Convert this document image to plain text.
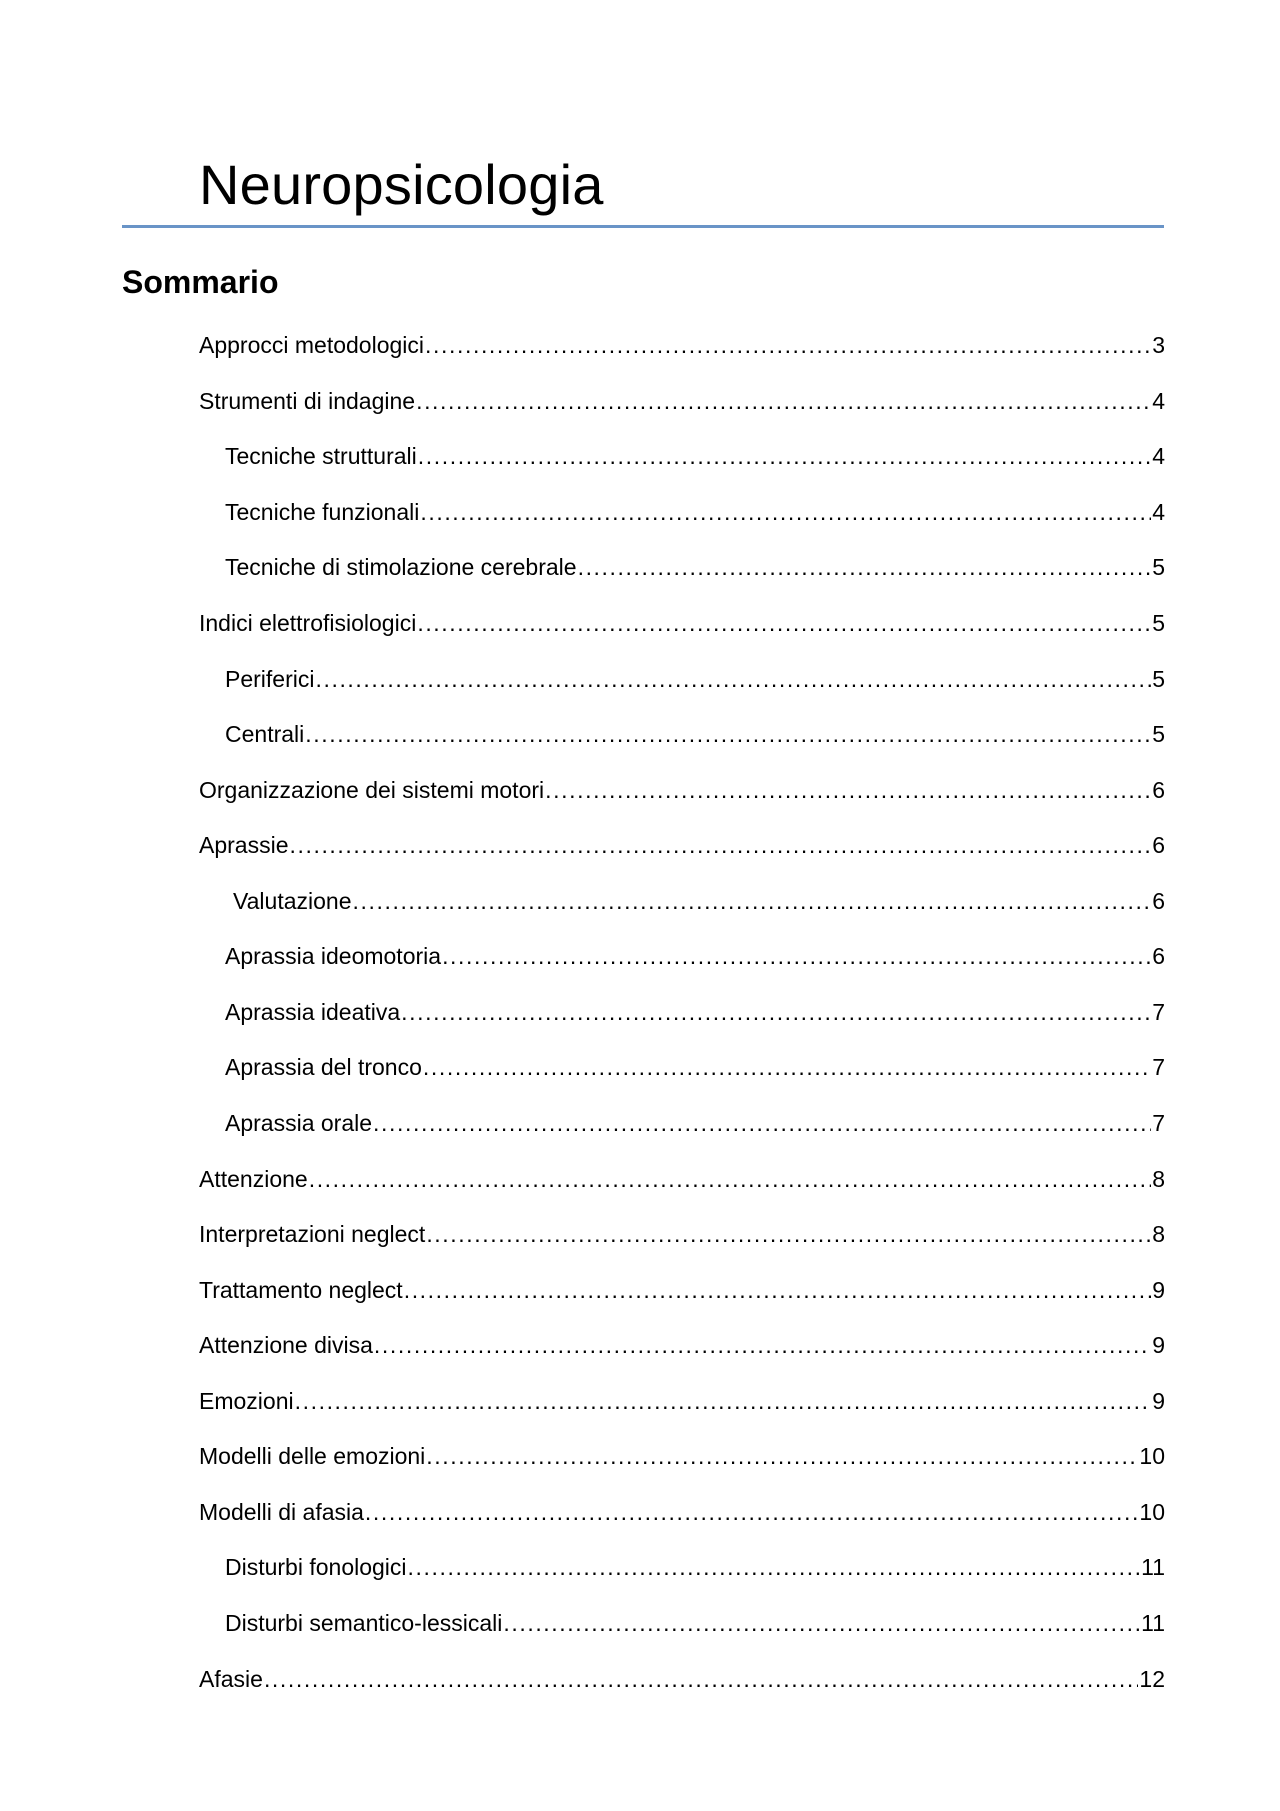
Neuropsicologia
Sommario
Approcci metodologici .....	3
Strumenti di indagine .....	4
Tecniche strutturali .....	4
Tecniche funzionali .....	4
Tecniche di stimolazione cerebrale .....	5
Indici elettrofisiologici .....	5
Periferici .....	5
Centrali .....	5
Organizzazione dei sistemi motori .....	6
Aprassie .....	6
Valutazione .....	6
Aprassia ideomotoria .....	6
Aprassia ideativa .....	7
Aprassia del tronco .....	7
Aprassia orale .....	7
Attenzione .....	8
Interpretazioni neglect .....	8
Trattamento neglect .....	9
Attenzione divisa .....	9
Emozioni .....	9
Modelli delle emozioni .....	10
Modelli di afasia .....	10
Disturbi fonologici .....	11
Disturbi semantico-lessicali .....	11
Afasie .....	12
